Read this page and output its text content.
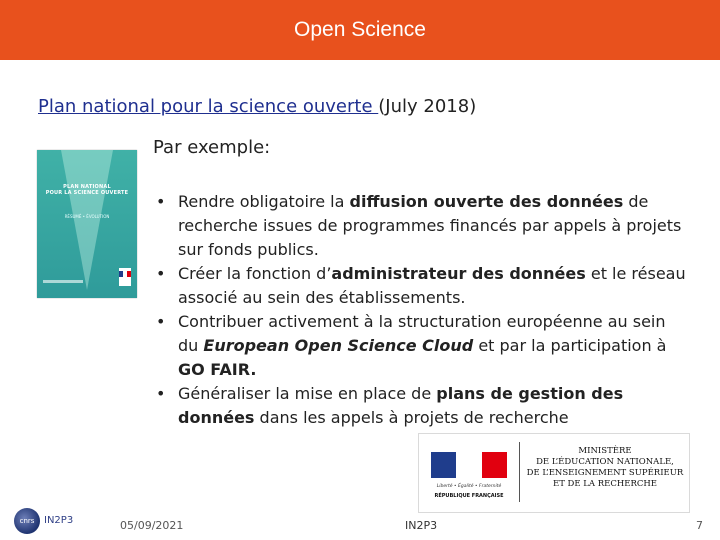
Open Science
Plan national pour la science ouverte (July 2018)
Par exemple:
PLAN NATIONAL
POUR LA SCIENCE OUVERTE
RÉSUMÉ • ÉVOLUTION
• Rendre obligatoire la diffusion ouverte des données de recherche issues de programmes financés par appels à projets sur fonds publics.
• Créer la fonction d’administrateur des données et le réseau associé au sein des établissements.
• Contribuer activement à la structuration européenne au sein du European Open Science Cloud et par la participation à GO FAIR.
• Généraliser la mise en place de plans de gestion des données dans les appels à projets de recherche
Liberté • Égalité • Fraternité
RÉPUBLIQUE FRANÇAISE
MINISTÈRE
DE L’ÉDUCATION NATIONALE,
DE L’ENSEIGNEMENT SUPÉRIEUR
ET DE LA RECHERCHE
cnrs IN2P3	05/09/2021	IN2P3	7
